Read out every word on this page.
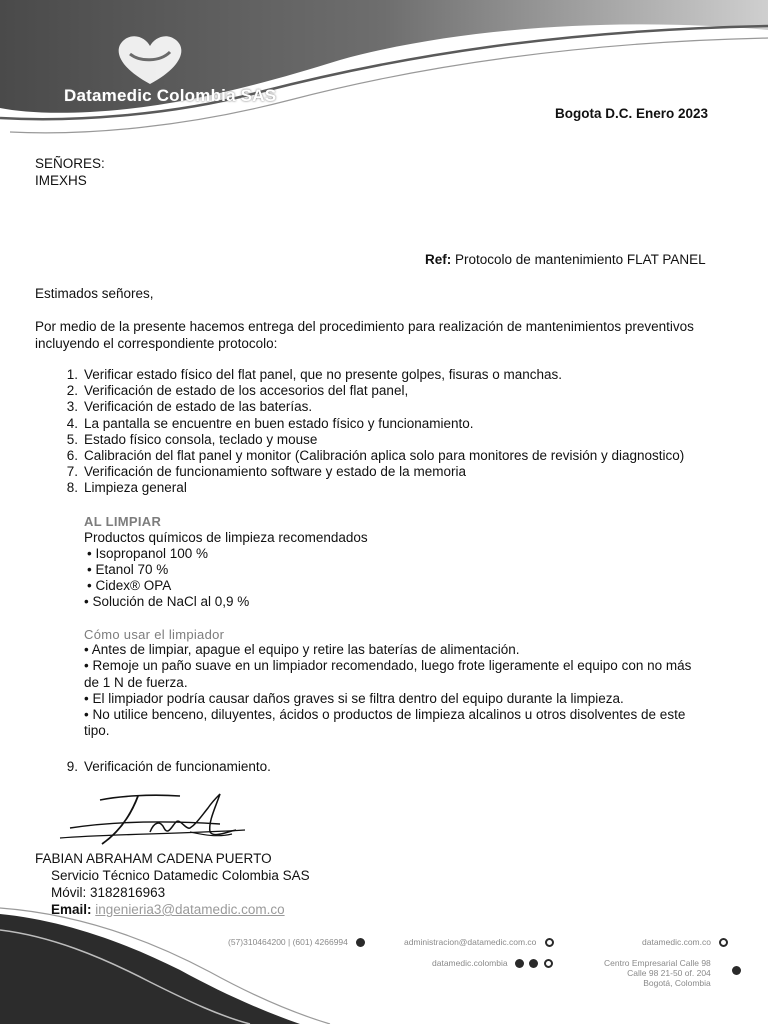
Datamedic Colombia SAS
Bogota D.C. Enero 2023
SEÑORES:
IMEXHS
Ref: Protocolo de mantenimiento FLAT PANEL
Estimados señores,
Por medio de la presente hacemos entrega del procedimiento para realización de mantenimientos preventivos
incluyendo el correspondiente protocolo:
1. Verificar estado físico del flat panel, que no presente golpes, fisuras o manchas.
2. Verificación de estado de los accesorios del flat panel,
3. Verificación de estado de las baterías.
4. La pantalla se encuentre en buen estado físico y funcionamiento.
5. Estado físico consola, teclado y mouse
6. Calibración del flat panel y monitor (Calibración aplica solo para monitores de revisión y diagnostico)
7. Verificación de funcionamiento software y estado de la memoria
8. Limpieza general
AL LIMPIAR
Productos químicos de limpieza recomendados
• Isopropanol 100 %
• Etanol 70 %
• Cidex® OPA
• Solución de NaCl al 0,9 %
Cómo usar el limpiador
• Antes de limpiar, apague el equipo y retire las baterías de alimentación.
• Remoje un paño suave en un limpiador recomendado, luego frote ligeramente el equipo con no más
de 1 N de fuerza.
• El limpiador podría causar daños graves si se filtra dentro del equipo durante la limpieza.
• No utilice benceno, diluyentes, ácidos o productos de limpieza alcalinos u otros disolventes de este
tipo.
9. Verificación de funcionamiento.
FABIAN ABRAHAM CADENA PUERTO
Servicio Técnico Datamedic Colombia SAS
Móvil: 3182816963
Email: ingenieria3@datamedic.com.co
(57)310464200 | (601) 4266994	administracion@datamedic.com.co	datamedic.com.co
datamedic.colombia	Centro Empresarial Calle 98
Calle 98 21-50 of. 204
Bogotá, Colombia
